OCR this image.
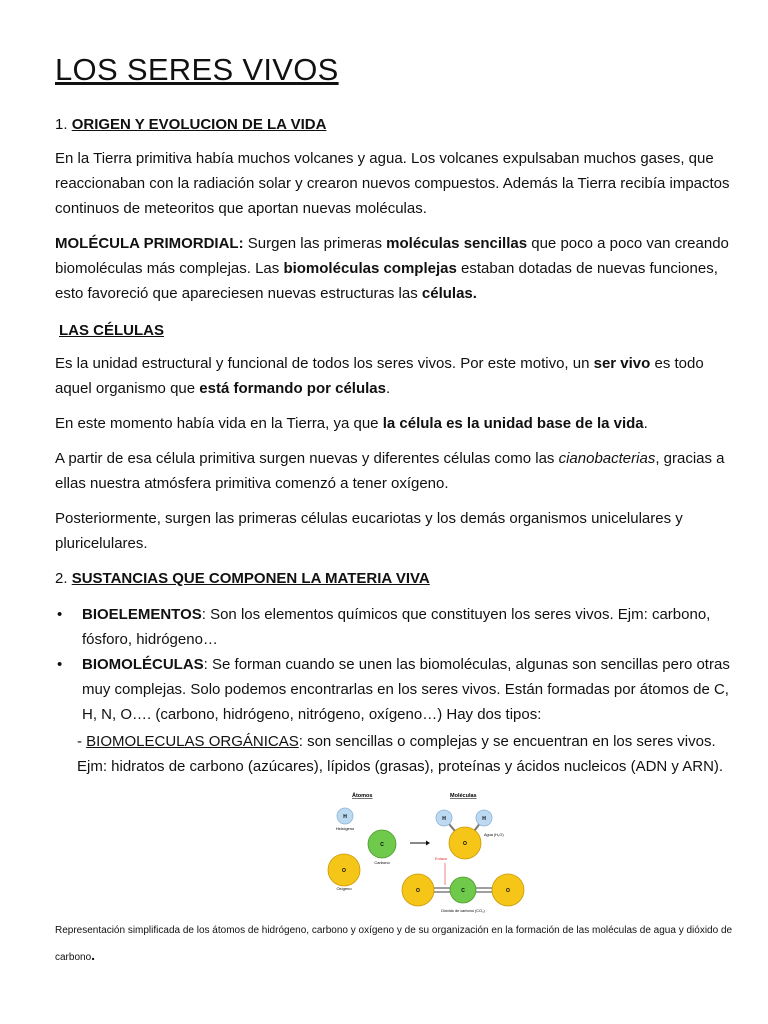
LOS SERES VIVOS

1. ORIGEN Y EVOLUCION DE LA VIDA

En la Tierra primitiva había muchos volcanes y agua. Los volcanes expulsaban muchos gases, que reaccionaban con la radiación solar y crearon nuevos compuestos. Además la Tierra recibía impactos continuos de meteoritos que aportan nuevas moléculas.

MOLÉCULA PRIMORDIAL: Surgen las primeras moléculas sencillas que poco a poco van creando biomoléculas más complejas. Las biomoléculas complejas estaban dotadas de nuevas funciones, esto favoreció que apareciesen nuevas estructuras las células.

LAS CÉLULAS

Es la unidad estructural y funcional de todos los seres vivos. Por este motivo, un ser vivo es todo aquel organismo que está formando por células.

En este momento había vida en la Tierra, ya que la célula es la unidad base de la vida.

A partir de esa célula primitiva surgen nuevas y diferentes células como las cianobacterias, gracias a ellas nuestra atmósfera primitiva comenzó a tener oxígeno.

Posteriormente, surgen las primeras células eucariotas y los demás organismos unicelulares y pluricelulares.

2. SUSTANCIAS QUE COMPONEN LA MATERIA VIVA

• BIOELEMENTOS: Son los elementos químicos que constituyen los seres vivos. Ejm: carbono, fósforo, hidrógeno…
• BIOMOLÉCULAS: Se forman cuando se unen las biomoléculas, algunas son sencillas pero otras muy complejas. Solo podemos encontrarlas en los seres vivos. Están formadas por átomos de C, H, N, O…. (carbono, hidrógeno, nitrógeno, oxígeno…) Hay dos tipos:

- BIOMOLECULAS ORGÁNICAS: son sencillas o complejas y se encuentran en los seres vivos. Ejm: hidratos de carbono (azúcares), lípidos (grasas), proteínas y ácidos nucleicos (ADN y ARN).

Átomos	Moléculas
H
Hidrógeno
C
Carbono
O
Oxígeno
H	H
O
Agua (H₂O)
Enlace
O	C	O
Dióxido de carbono (CO₂)

Representación simplificada de los átomos de hidrógeno, carbono y oxígeno y de su organización en la formación de las moléculas de agua y dióxido de carbono.
